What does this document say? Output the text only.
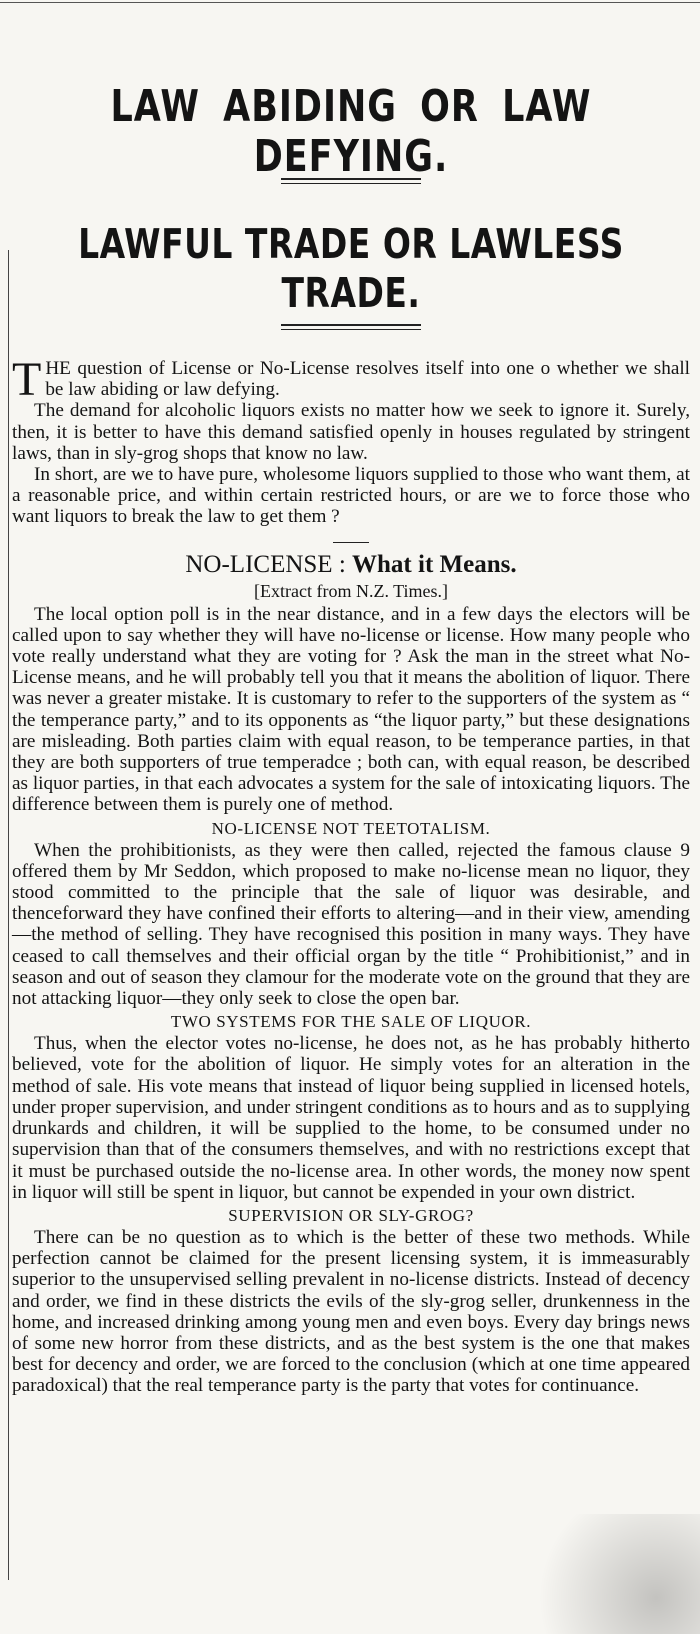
LAW ABIDING OR LAW DEFYING.
LAWFUL TRADE OR LAWLESS TRADE.

THE question of License or No-License resolves itself into one o whether we shall be law abiding or law defying.

The demand for alcoholic liquors exists no matter how we seek to ignore it. Surely, then, it is better to have this demand satisfied openly in houses regulated by stringent laws, than in sly-grog shops that know no law.

In short, are we to have pure, wholesome liquors supplied to those who want them, at a reasonable price, and within certain restricted hours, or are we to force those who want liquors to break the law to get them ?

NO-LICENSE : What it Means.
[Extract from N.Z. Times.]

The local option poll is in the near distance, and in a few days the electors will be called upon to say whether they will have no-license or license. How many people who vote really understand what they are voting for ? Ask the man in the street what No-License means, and he will probably tell you that it means the abolition of liquor. There was never a greater mistake. It is customary to refer to the supporters of the system as “ the temperance party,” and to its opponents as “the liquor party,” but these designations are misleading. Both parties claim with equal reason, to be temperance parties, in that they are both supporters of true temperadce ; both can, with equal reason, be described as liquor parties, in that each advocates a system for the sale of intoxicating liquors. The difference between them is purely one of method.

NO-LICENSE NOT TEETOTALISM.

When the prohibitionists, as they were then called, rejected the famous clause 9 offered them by Mr Seddon, which proposed to make no-license mean no liquor, they stood committed to the principle that the sale of liquor was desirable, and thenceforward they have confined their efforts to altering—and in their view, amending—the method of selling. They have recognised this position in many ways. They have ceased to call themselves and their official organ by the title “ Prohibitionist,” and in season and out of season they clamour for the moderate vote on the ground that they are not attacking liquor—they only seek to close the open bar.

TWO SYSTEMS FOR THE SALE OF LIQUOR.

Thus, when the elector votes no-license, he does not, as he has probably hitherto believed, vote for the abolition of liquor. He simply votes for an alteration in the method of sale. His vote means that instead of liquor being supplied in licensed hotels, under proper supervision, and under stringent conditions as to hours and as to supplying drunkards and children, it will be supplied to the home, to be consumed under no supervision than that of the consumers themselves, and with no restrictions except that it must be purchased outside the no-license area. In other words, the money now spent in liquor will still be spent in liquor, but cannot be expended in your own district.

SUPERVISION OR SLY-GROG?

There can be no question as to which is the better of these two methods. While perfection cannot be claimed for the present licensing system, it is immeasurably superior to the unsupervised selling prevalent in no-license districts. Instead of decency and order, we find in these districts the evils of the sly-grog seller, drunkenness in the home, and increased drinking among young men and even boys. Every day brings news of some new horror from these districts, and as the best system is the one that makes best for decency and order, we are forced to the conclusion (which at one time appeared paradoxical) that the real temperance party is the party that votes for continuance.
